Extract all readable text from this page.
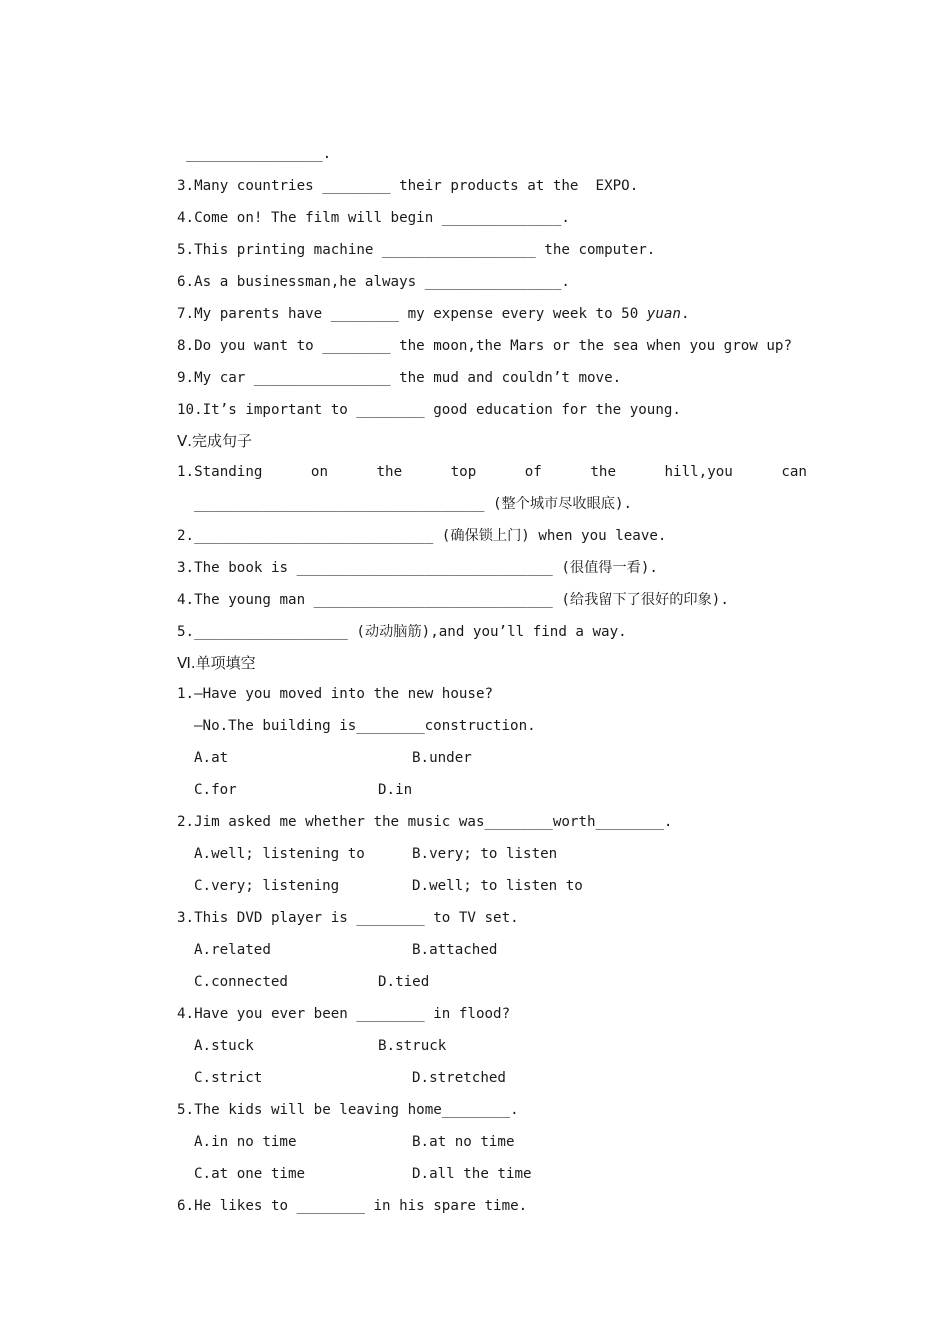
________________.
3.Many countries ________ their products at the  EXPO.
4.Come on! The film will begin ______________.
5.This printing machine __________________ the computer.
6.As a businessman,he always ________________.
7.My parents have ________ my expense every week to 50 yuan.
8.Do you want to ________ the moon,the Mars or the sea when you grow up?
9.My car ________________ the mud and couldn’t move.
10.It’s important to ________ good education for the young.
Ⅴ.完成句子
1.Standing	on	the	top	of	the	hill,you	can
__________________________________ (整个城市尽收眼底).
2.____________________________ (确保锁上门) when you leave.
3.The book is ______________________________ (很值得一看).
4.The young man ____________________________ (给我留下了很好的印象).
5.__________________ (动动脑筋),and you’ll find a way.
Ⅵ.单项填空
1.—Have you moved into the new house?
—No.The building is________construction.
A.at	B.under
C.for	D.in
2.Jim asked me whether the music was________worth________.
A.well; listening to	B.very; to listen
C.very; listening	D.well; to listen to
3.This DVD player is ________ to TV set.
A.related	B.attached
C.connected	D.tied
4.Have you ever been ________ in flood?
A.stuck	B.struck
C.strict	D.stretched
5.The kids will be leaving home________.
A.in no time	B.at no time
C.at one time	D.all the time
6.He likes to ________ in his spare time.
